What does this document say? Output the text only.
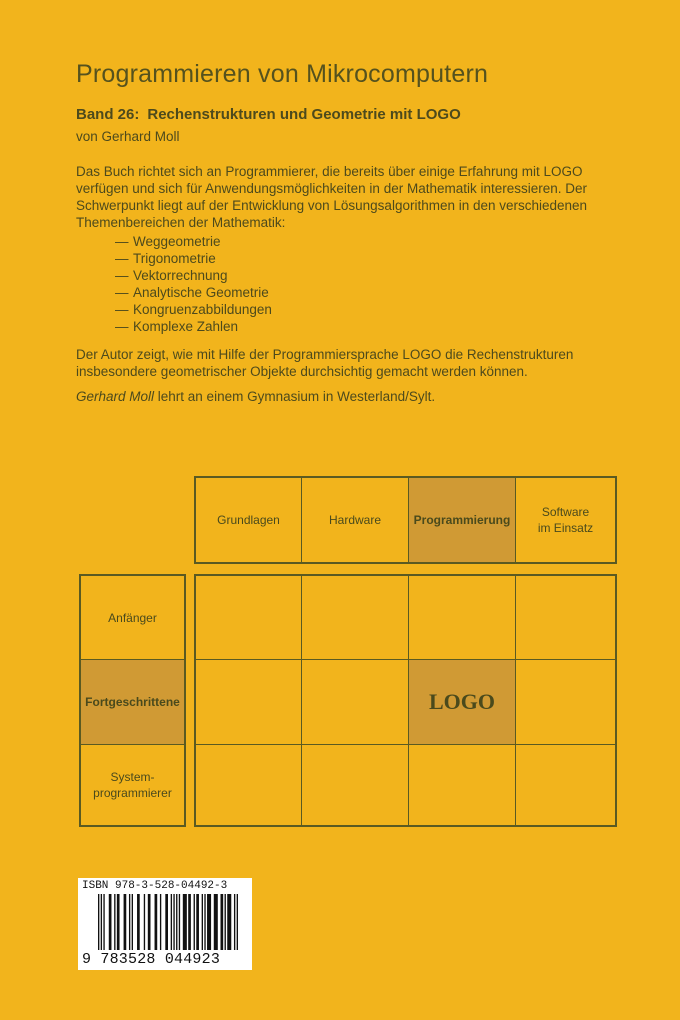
Programmieren von Mikrocomputern
Band 26: Rechenstrukturen und Geometrie mit LOGO
von Gerhard Moll

Das Buch richtet sich an Programmierer, die bereits über einige Erfahrung mit LOGO verfügen und sich für Anwendungsmöglichkeiten in der Mathematik interessieren. Der Schwerpunkt liegt auf der Entwicklung von Lösungsalgorithmen in den verschiedenen Themenbereichen der Mathematik:

— Weggeometrie
— Trigonometrie
— Vektorrechnung
— Analytische Geometrie
— Kongruenzabbildungen
— Komplexe Zahlen

Der Autor zeigt, wie mit Hilfe der Programmiersprache LOGO die Rechenstrukturen insbesondere geometrischer Objekte durchsichtig gemacht werden können.

Gerhard Moll lehrt an einem Gymnasium in Westerland/Sylt.

Grundlagen	Programmierung
Hardware
Software
im Einsatz
Anfänger
Fortgeschrittene
System-
programmierer
LOGO
ISBN 978-3-528-04492-3
9 783528 044923
